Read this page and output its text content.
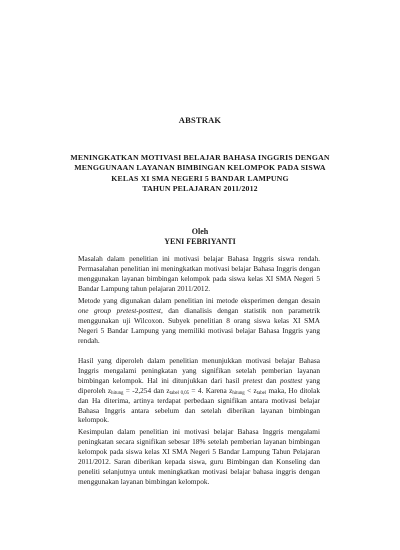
ABSTRAK
MENINGKATKAN MOTIVASI BELAJAR BAHASA INGGRIS DENGAN
MENGGUNAAN LAYANAN BIMBINGAN KELOMPOK PADA SISWA
KELAS XI SMA NEGERI 5 BANDAR LAMPUNG
TAHUN PELAJARAN 2011/2012
Oleh
YENI FEBRIYANTI
Masalah dalam penelitian ini motivasi belajar Bahasa Inggris siswa rendah. Permasalahan penelitian ini meningkatkan motivasi belajar Bahasa Inggris dengan menggunakan layanan bimbingan kelompok pada siswa kelas XI SMA Negeri 5 Bandar Lampung tahun pelajaran 2011/2012.
Metode yang digunakan dalam penelitian ini metode eksperimen dengan desain one group pretest-posttest, dan dianalisis dengan statistik non parametrik menggunakan uji Wilcoxon. Subyek penelitian 8 orang siswa kelas XI SMA Negeri 5 Bandar Lampung yang memiliki motivasi belajar Bahasa Inggris yang rendah.
Hasil yang diperoleh dalam penelitian menunjukkan motivasi belajar Bahasa Inggris mengalami peningkatan yang signifikan setelah pemberian layanan bimbingan kelompok. Hal ini ditunjukkan dari hasil pretest dan posttest yang diperoleh $z_{hitung} = -2,254$ dan $z_{tabel 0,05} = 4$. Karena $z_{hitung} < z_{tabel}$ maka, Ho ditolak dan Ha diterima, artinya terdapat perbedaan signifikan antara motivasi belajar Bahasa Inggris antara sebelum dan setelah diberikan layanan bimbingan kelompok.
Kesimpulan dalam penelitian ini motivasi belajar Bahasa Inggris mengalami peningkatan secara signifikan sebesar 18% setelah pemberian layanan bimbingan kelompok pada siswa kelas XI SMA Negeri 5 Bandar Lampung Tahun Pelajaran 2011/2012. Saran diberikan kepada siswa, guru Bimbingan dan Konseling dan peneliti selanjutnya untuk meningkatkan motivasi belajar bahasa inggris dengan menggunakan layanan bimbingan kelompok.
